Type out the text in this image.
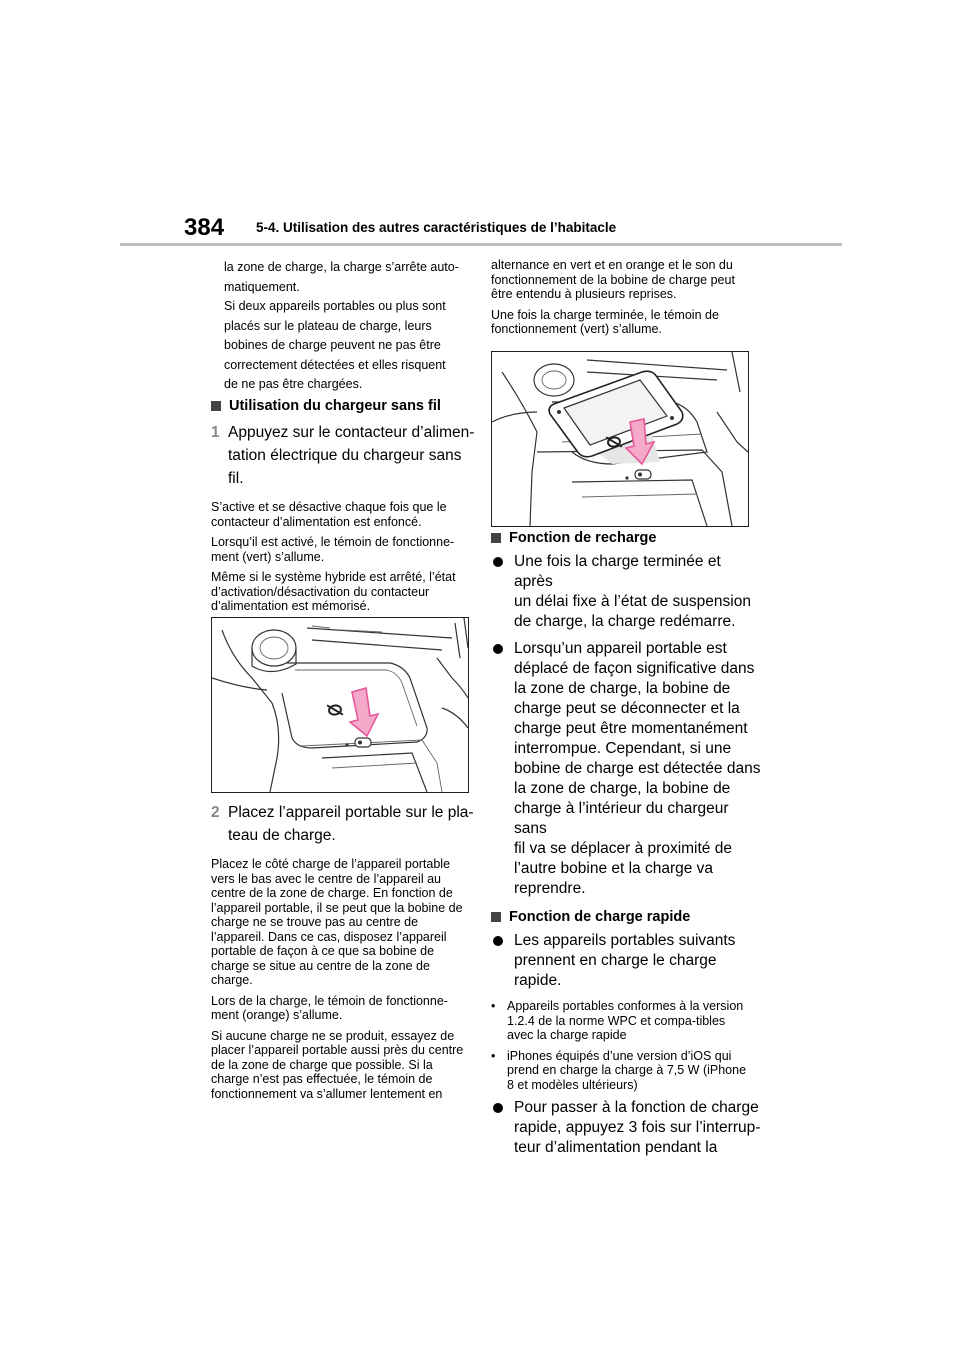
384 5-4. Utilisation des autres caractéristiques de l’habitacle

la zone de charge, la charge s’arrête auto-

matiquement.

Si deux appareils portables ou plus sont

placés sur le plateau de charge, leurs

bobines de charge peuvent ne pas être

correctement détectées et elles risquent

de ne pas être chargées.

Utilisation du chargeur sans fil

1 Appuyez sur le contacteur d’alimen-
tation électrique du chargeur sans
fil.

S’active et se désactive chaque fois que le contacteur d’alimentation est enfoncé.

Lorsqu’il est activé, le témoin de fonctionne-ment (vert) s’allume.

Même si le système hybride est arrêté, l’état d’activation/désactivation du contacteur d’alimentation est mémorisé.

2 Placez l’appareil portable sur le pla-
teau de charge.

Placez le côté charge de l’appareil portable vers le bas avec le centre de l’appareil au centre de la zone de charge. En fonction de l’appareil portable, il se peut que la bobine de charge ne se trouve pas au centre de l’appareil. Dans ce cas, disposez l’appareil portable de façon à ce que sa bobine de charge se situe au centre de la zone de charge.

Lors de la charge, le témoin de fonctionne-ment (orange) s’allume.

Si aucune charge ne se produit, essayez de placer l’appareil portable aussi près du centre de la zone de charge que possible. Si la charge n’est pas effectuée, le témoin de fonctionnement va s’allumer lentement en

alternance en vert et en orange et le son du fonctionnement de la bobine de charge peut être entendu à plusieurs reprises.

Une fois la charge terminée, le témoin de fonctionnement (vert) s’allume.

Fonction de recharge

Une fois la charge terminée et après
un délai fixe à l’état de suspension
de charge, la charge redémarre.
Lorsqu’un appareil portable est
déplacé de façon significative dans
la zone de charge, la bobine de
charge peut se déconnecter et la
charge peut être momentanément
interrompue. Cependant, si une
bobine de charge est détectée dans
la zone de charge, la bobine de
charge à l’intérieur du chargeur sans
fil va se déplacer à proximité de
l’autre bobine et la charge va
reprendre.

Fonction de charge rapide

Les appareils portables suivants
prennent en charge le charge
rapide.
• Appareils portables conformes à la version 1.2.4 de la norme WPC et compa-tibles avec la charge rapide
• iPhones équipés d’une version d’iOS qui prend en charge la charge à 7,5 W (iPhone 8 et modèles ultérieurs)
Pour passer à la fonction de charge
rapide, appuyez 3 fois sur l’interrup-
teur d’alimentation pendant la
